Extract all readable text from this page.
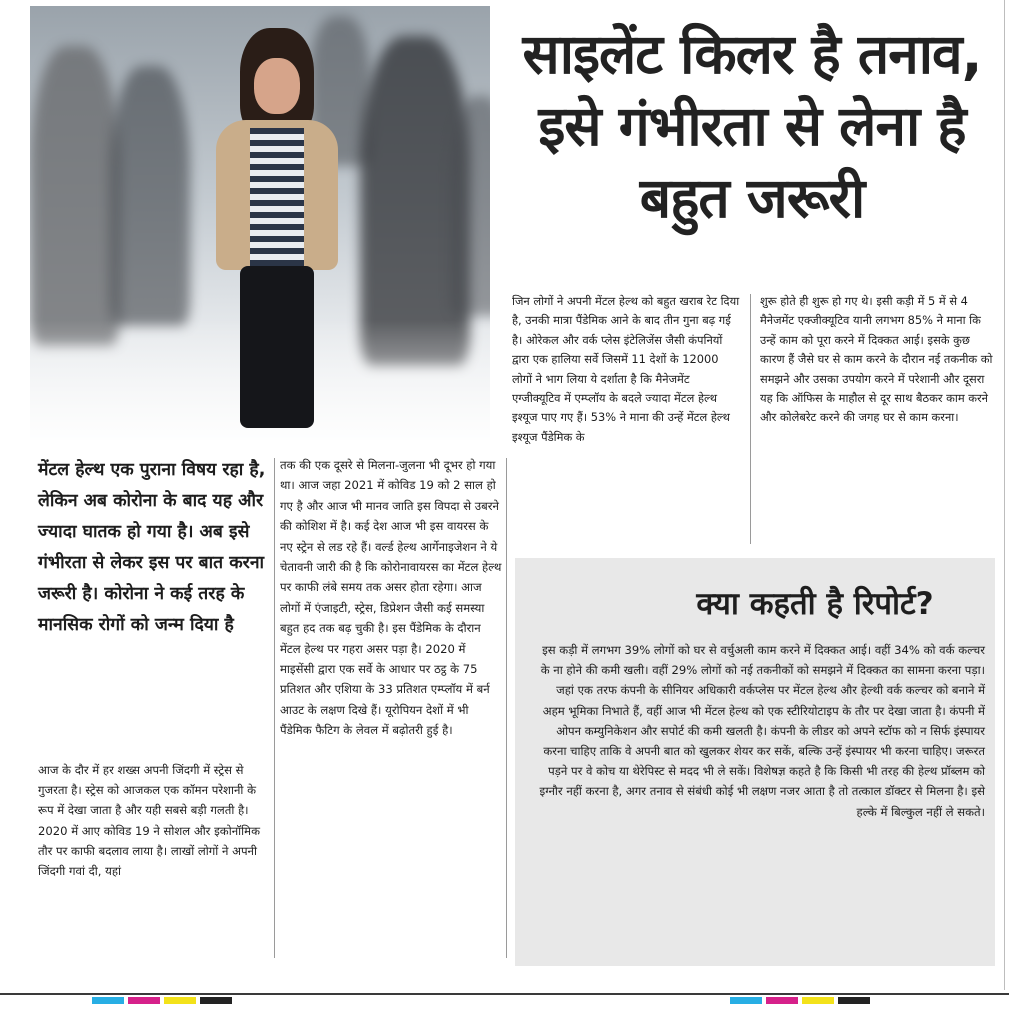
साइलेंट किलर है तनाव, इसे गंभीरता से लेना है बहुत जरूरी
मेंटल हेल्थ एक पुराना विषय रहा है, लेकिन अब कोरोना के बाद यह और ज्यादा घातक हो गया है। अब इसे गंभीरता से लेकर इस पर बात करना जरूरी है। कोरोना ने कई तरह के मानसिक रोगों को जन्म दिया है
आज के दौर में हर शख्स अपनी जिंदगी में स्ट्रेस से गुजरता है। स्ट्रेस को आजकल एक कॉमन परेशानी के रूप में देखा जाता है और यही सबसे बड़ी गलती है। 2020 में आए कोविड 19 ने सोशल और इकोनॉमिक तौर पर काफी बदलाव लाया है। लाखों लोगों ने अपनी जिंदगी गवां दी, यहां
तक की एक दूसरे से मिलना-जुलना भी दूभर हो गया था। आज जहा 2021 में कोविड 19 को 2 साल हो गए है और आज भी मानव जाति इस विपदा से उबरने की कोशिश में है। कई देश आज भी इस वायरस के नए स्ट्रेन से लड रहे हैं। वर्ल्ड हेल्थ आर्गेनाइजेशन ने ये चेतावनी जारी की है कि कोरोनावायरस का मेंटल हेल्थ पर काफी लंबे समय तक असर होता रहेगा। आज लोगों में एंजाइटी, स्ट्रेस, डिप्रेशन जैसी कई समस्या बहुत हद तक बढ़ चुकी है। इस पैंडेमिक के दौरान मेंटल हेल्थ पर गहरा असर पड़ा है। 2020 में माइसेंसी द्वारा एक सर्वे के आधार पर ठट्ठ के 75 प्रतिशत और एशिया के 33 प्रतिशत एम्प्लॉय में बर्न आउट के लक्षण दिखे हैं। यूरोपियन देशों में भी पैंडेमिक फैटिग के लेवल में बढ़ोतरी हुई है।
जिन लोगों ने अपनी मेंटल हेल्थ को बहुत खराब रेट दिया है, उनकी मात्रा पैंडेमिक आने के बाद तीन गुना बढ़ गई है। ओरेकल और वर्क प्लेस इंटेलिजेंस जैसी कंपनियों द्वारा एक हालिया सर्वे जिसमें 11 देशों के 12000 लोगों ने भाग लिया ये दर्शाता है कि मैनेजमेंट एग्जीक्यूटिव में एम्प्लॉय के बदले ज्यादा मेंटल हेल्थ इश्यूज पाए गए हैं। 53% ने माना की उन्हें मेंटल हेल्थ इश्यूज पैंडेमिक के
शुरू होते ही शुरू हो गए थे। इसी कड़ी में 5 में से 4 मैनेजमेंट एक्जीक्यूटिव यानी लगभग 85% ने माना कि उन्हें काम को पूरा करने में दिक्कत आई। इसके कुछ कारण हैं जैसे घर से काम करने के दौरान नई तकनीक को समझने और उसका उपयोग करने में परेशानी और दूसरा यह कि ऑफिस के माहौल से दूर साथ बैठकर काम करने और कोलेबरेट करने की जगह घर से काम करना।
क्या कहती है रिपोर्ट?
इस कड़ी में लगभग 39% लोगों को घर से वर्चुअली काम करने में दिक्कत आई। वहीं 34% को वर्क कल्चर के ना होने की कमी खली। वहीं 29% लोगों को नई तकनीकों को समझने में दिक्कत का सामना करना पड़ा। जहां एक तरफ कंपनी के सीनियर अधिकारी वर्कप्लेस पर मेंटल हेल्थ और हेल्थी वर्क कल्चर को बनाने में अहम भूमिका निभाते हैं, वहीं आज भी मेंटल हेल्थ को एक स्टीरियोटाइप के तौर पर देखा जाता है। कंपनी में ओपन कम्युनिकेशन और सपोर्ट की कमी खलती है। कंपनी के लीडर को अपने स्टॉफ को न सिर्फ इंस्पायर करना चाहिए ताकि वे अपनी बात को खुलकर शेयर कर सकें, बल्कि उन्हें इंस्पायर भी करना चाहिए। जरूरत पड़ने पर वे कोच या थेरेपिस्ट से मदद भी ले सकें। विशेषज्ञ कहते है कि किसी भी तरह की हेल्थ प्रॉब्लम को इग्नौर नहीं करना है, अगर तनाव से संबंधी कोई भी लक्षण नजर आता है तो तत्काल डॉक्टर से मिलना है। इसे हल्के में बिल्कुल नहीं ले सकते।
